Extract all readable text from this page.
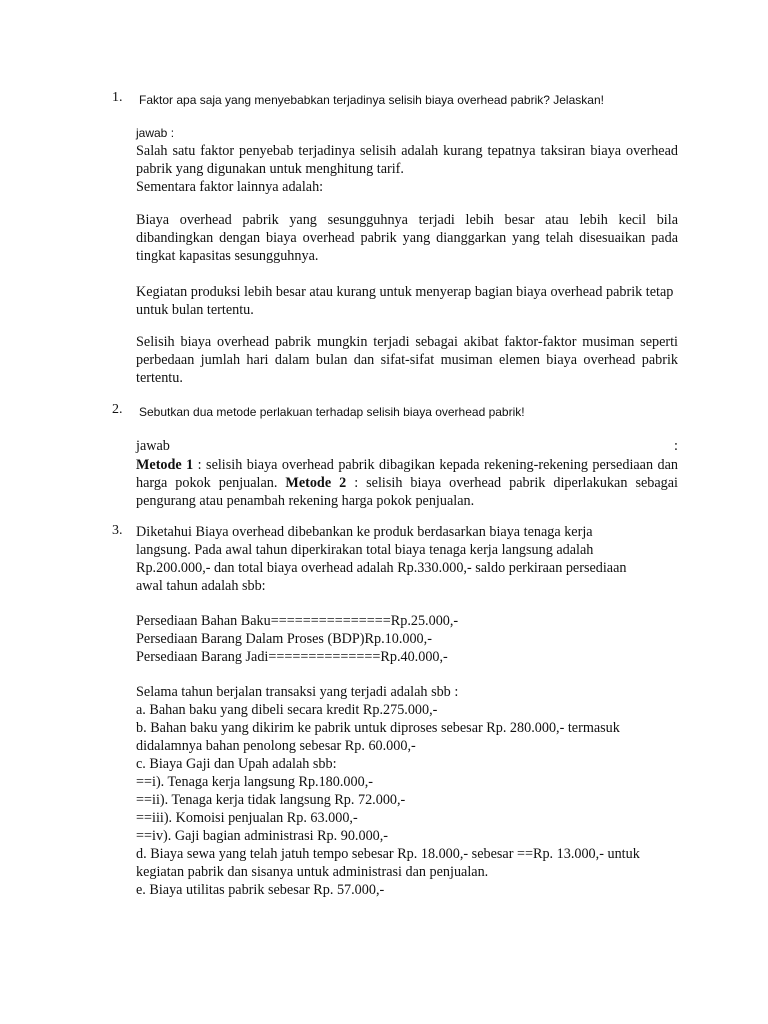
1. Faktor apa saja yang menyebabkan terjadinya selisih biaya overhead pabrik? Jelaskan!
jawab :
Salah satu faktor penyebab terjadinya selisih adalah kurang tepatnya taksiran biaya overhead pabrik yang digunakan untuk menghitung tarif.
Sementara faktor lainnya adalah:
Biaya overhead pabrik yang sesungguhnya terjadi lebih besar atau lebih kecil bila dibandingkan dengan biaya overhead pabrik yang dianggarkan yang telah disesuaikan pada tingkat kapasitas sesungguhnya.
Kegiatan produksi lebih besar atau kurang untuk menyerap bagian biaya overhead pabrik tetap untuk bulan tertentu.
Selisih biaya overhead pabrik mungkin terjadi sebagai akibat faktor-faktor musiman seperti perbedaan jumlah hari dalam bulan dan sifat-sifat musiman elemen biaya overhead pabrik tertentu.
2. Sebutkan dua metode perlakuan terhadap selisih biaya overhead pabrik!
jawab	:
Metode 1 : selisih biaya overhead pabrik dibagikan kepada rekening-rekening persediaan dan harga pokok penjualan. Metode 2 : selisih biaya overhead pabrik diperlakukan sebagai pengurang atau penambah rekening harga pokok penjualan.
3. Diketahui Biaya overhead dibebankan ke produk berdasarkan biaya tenaga kerja
langsung. Pada awal tahun diperkirakan total biaya tenaga kerja langsung adalah
Rp.200.000,- dan total biaya overhead adalah Rp.330.000,- saldo perkiraan persediaan
awal tahun adalah sbb:
Persediaan Bahan Baku===============Rp.25.000,-
Persediaan Barang Dalam Proses (BDP)Rp.10.000,-
Persediaan Barang Jadi==============Rp.40.000,-
Selama tahun berjalan transaksi yang terjadi adalah sbb :
a. Bahan baku yang dibeli secara kredit Rp.275.000,-
b. Bahan baku yang dikirim ke pabrik untuk diproses sebesar Rp. 280.000,- termasuk
didalamnya bahan penolong sebesar Rp. 60.000,-
c. Biaya Gaji dan Upah adalah sbb:
==i). Tenaga kerja langsung Rp.180.000,-
==ii). Tenaga kerja tidak langsung Rp. 72.000,-
==iii). Komoisi penjualan Rp. 63.000,-
==iv). Gaji bagian administrasi Rp. 90.000,-
d. Biaya sewa yang telah jatuh tempo sebesar Rp. 18.000,- sebesar ==Rp. 13.000,- untuk
kegiatan pabrik dan sisanya untuk administrasi dan penjualan.
e. Biaya utilitas pabrik sebesar Rp. 57.000,-
